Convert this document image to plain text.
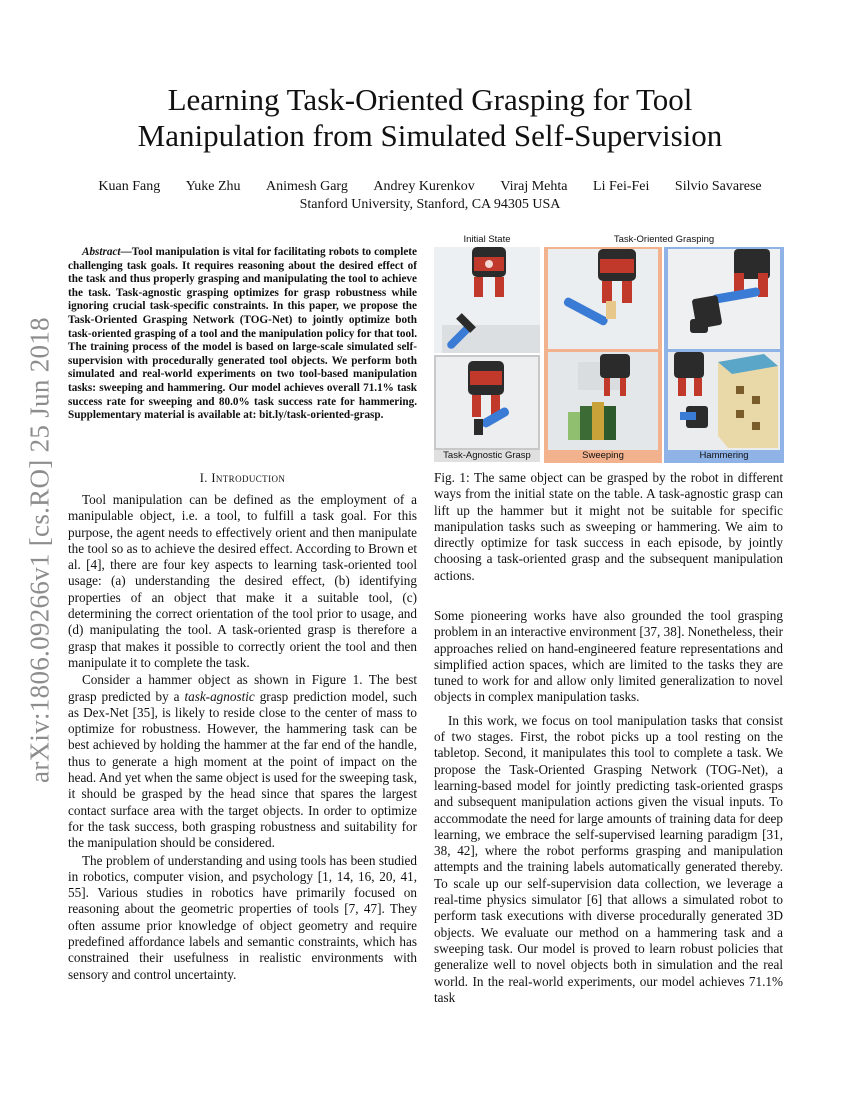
arXiv:1806.09266v1 [cs.RO] 25 Jun 2018
Learning Task-Oriented Grasping for Tool
Manipulation from Simulated Self-Supervision
Kuan Fang Yuke Zhu Animesh Garg Andrey Kurenkov Viraj Mehta Li Fei-Fei Silvio Savarese
Stanford University, Stanford, CA 94305 USA

Abstract—Tool manipulation is vital for facilitating robots to complete challenging task goals. It requires reasoning about the desired effect of the task and thus properly grasping and manipulating the tool to achieve the task. Task-agnostic grasping optimizes for grasp robustness while ignoring crucial task-specific constraints. In this paper, we propose the Task-Oriented Grasping Network (TOG-Net) to jointly optimize both task-oriented grasping of a tool and the manipulation policy for that tool. The training process of the model is based on large-scale simulated self-supervision with procedurally generated tool objects. We perform both simulated and real-world experiments on two tool-based manipulation tasks: sweeping and hammering. Our model achieves overall 71.1% task success rate for sweeping and 80.0% task success rate for hammering. Supplementary material is available at: bit.ly/task-oriented-grasp.

I. Introduction

Tool manipulation can be defined as the employment of a manipulable object, i.e. a tool, to fulfill a task goal. For this purpose, the agent needs to effectively orient and then manipulate the tool so as to achieve the desired effect. According to Brown et al. [4], there are four key aspects to learning task-oriented tool usage: (a) understanding the desired effect, (b) identifying properties of an object that make it a suitable tool, (c) determining the correct orientation of the tool prior to usage, and (d) manipulating the tool. A task-oriented grasp is therefore a grasp that makes it possible to correctly orient the tool and then manipulate it to complete the task.

Consider a hammer object as shown in Figure 1. The best grasp predicted by a task-agnostic grasp prediction model, such as Dex-Net [35], is likely to reside close to the center of mass to optimize for robustness. However, the hammering task can be best achieved by holding the hammer at the far end of the handle, thus to generate a high moment at the point of impact on the head. And yet when the same object is used for the sweeping task, it should be grasped by the head since that spares the largest contact surface area with the target objects. In order to optimize for the task success, both grasping robustness and suitability for the manipulation should be considered.

The problem of understanding and using tools has been studied in robotics, computer vision, and psychology [1, 14, 16, 20, 41, 55]. Various studies in robotics have primarily focused on reasoning about the geometric properties of tools [7, 47]. They often assume prior knowledge of object geometry and require predefined affordance labels and semantic constraints, which has constrained their usefulness in realistic environments with sensory and control uncertainty.

Initial State	Task-Oriented Grasping
Task-Agnostic Grasp	Sweeping	Hammering

Fig. 1: The same object can be grasped by the robot in different ways from the initial state on the table. A task-agnostic grasp can lift up the hammer but it might not be suitable for specific manipulation tasks such as sweeping or hammering. We aim to directly optimize for task success in each episode, by jointly choosing a task-oriented grasp and the subsequent manipulation actions.

Some pioneering works have also grounded the tool grasping problem in an interactive environment [37, 38]. Nonetheless, their approaches relied on hand-engineered feature representations and simplified action spaces, which are limited to the tasks they are tuned to work for and allow only limited generalization to novel objects in complex manipulation tasks.

In this work, we focus on tool manipulation tasks that consist of two stages. First, the robot picks up a tool resting on the tabletop. Second, it manipulates this tool to complete a task. We propose the Task-Oriented Grasping Network (TOG-Net), a learning-based model for jointly predicting task-oriented grasps and subsequent manipulation actions given the visual inputs. To accommodate the need for large amounts of training data for deep learning, we embrace the self-supervised learning paradigm [31, 38, 42], where the robot performs grasping and manipulation attempts and the training labels automatically generated thereby. To scale up our self-supervision data collection, we leverage a real-time physics simulator [6] that allows a simulated robot to perform task executions with diverse procedurally generated 3D objects. We evaluate our method on a hammering task and a sweeping task. Our model is proved to learn robust policies that generalize well to novel objects both in simulation and the real world. In the real-world experiments, our model achieves 71.1% task
